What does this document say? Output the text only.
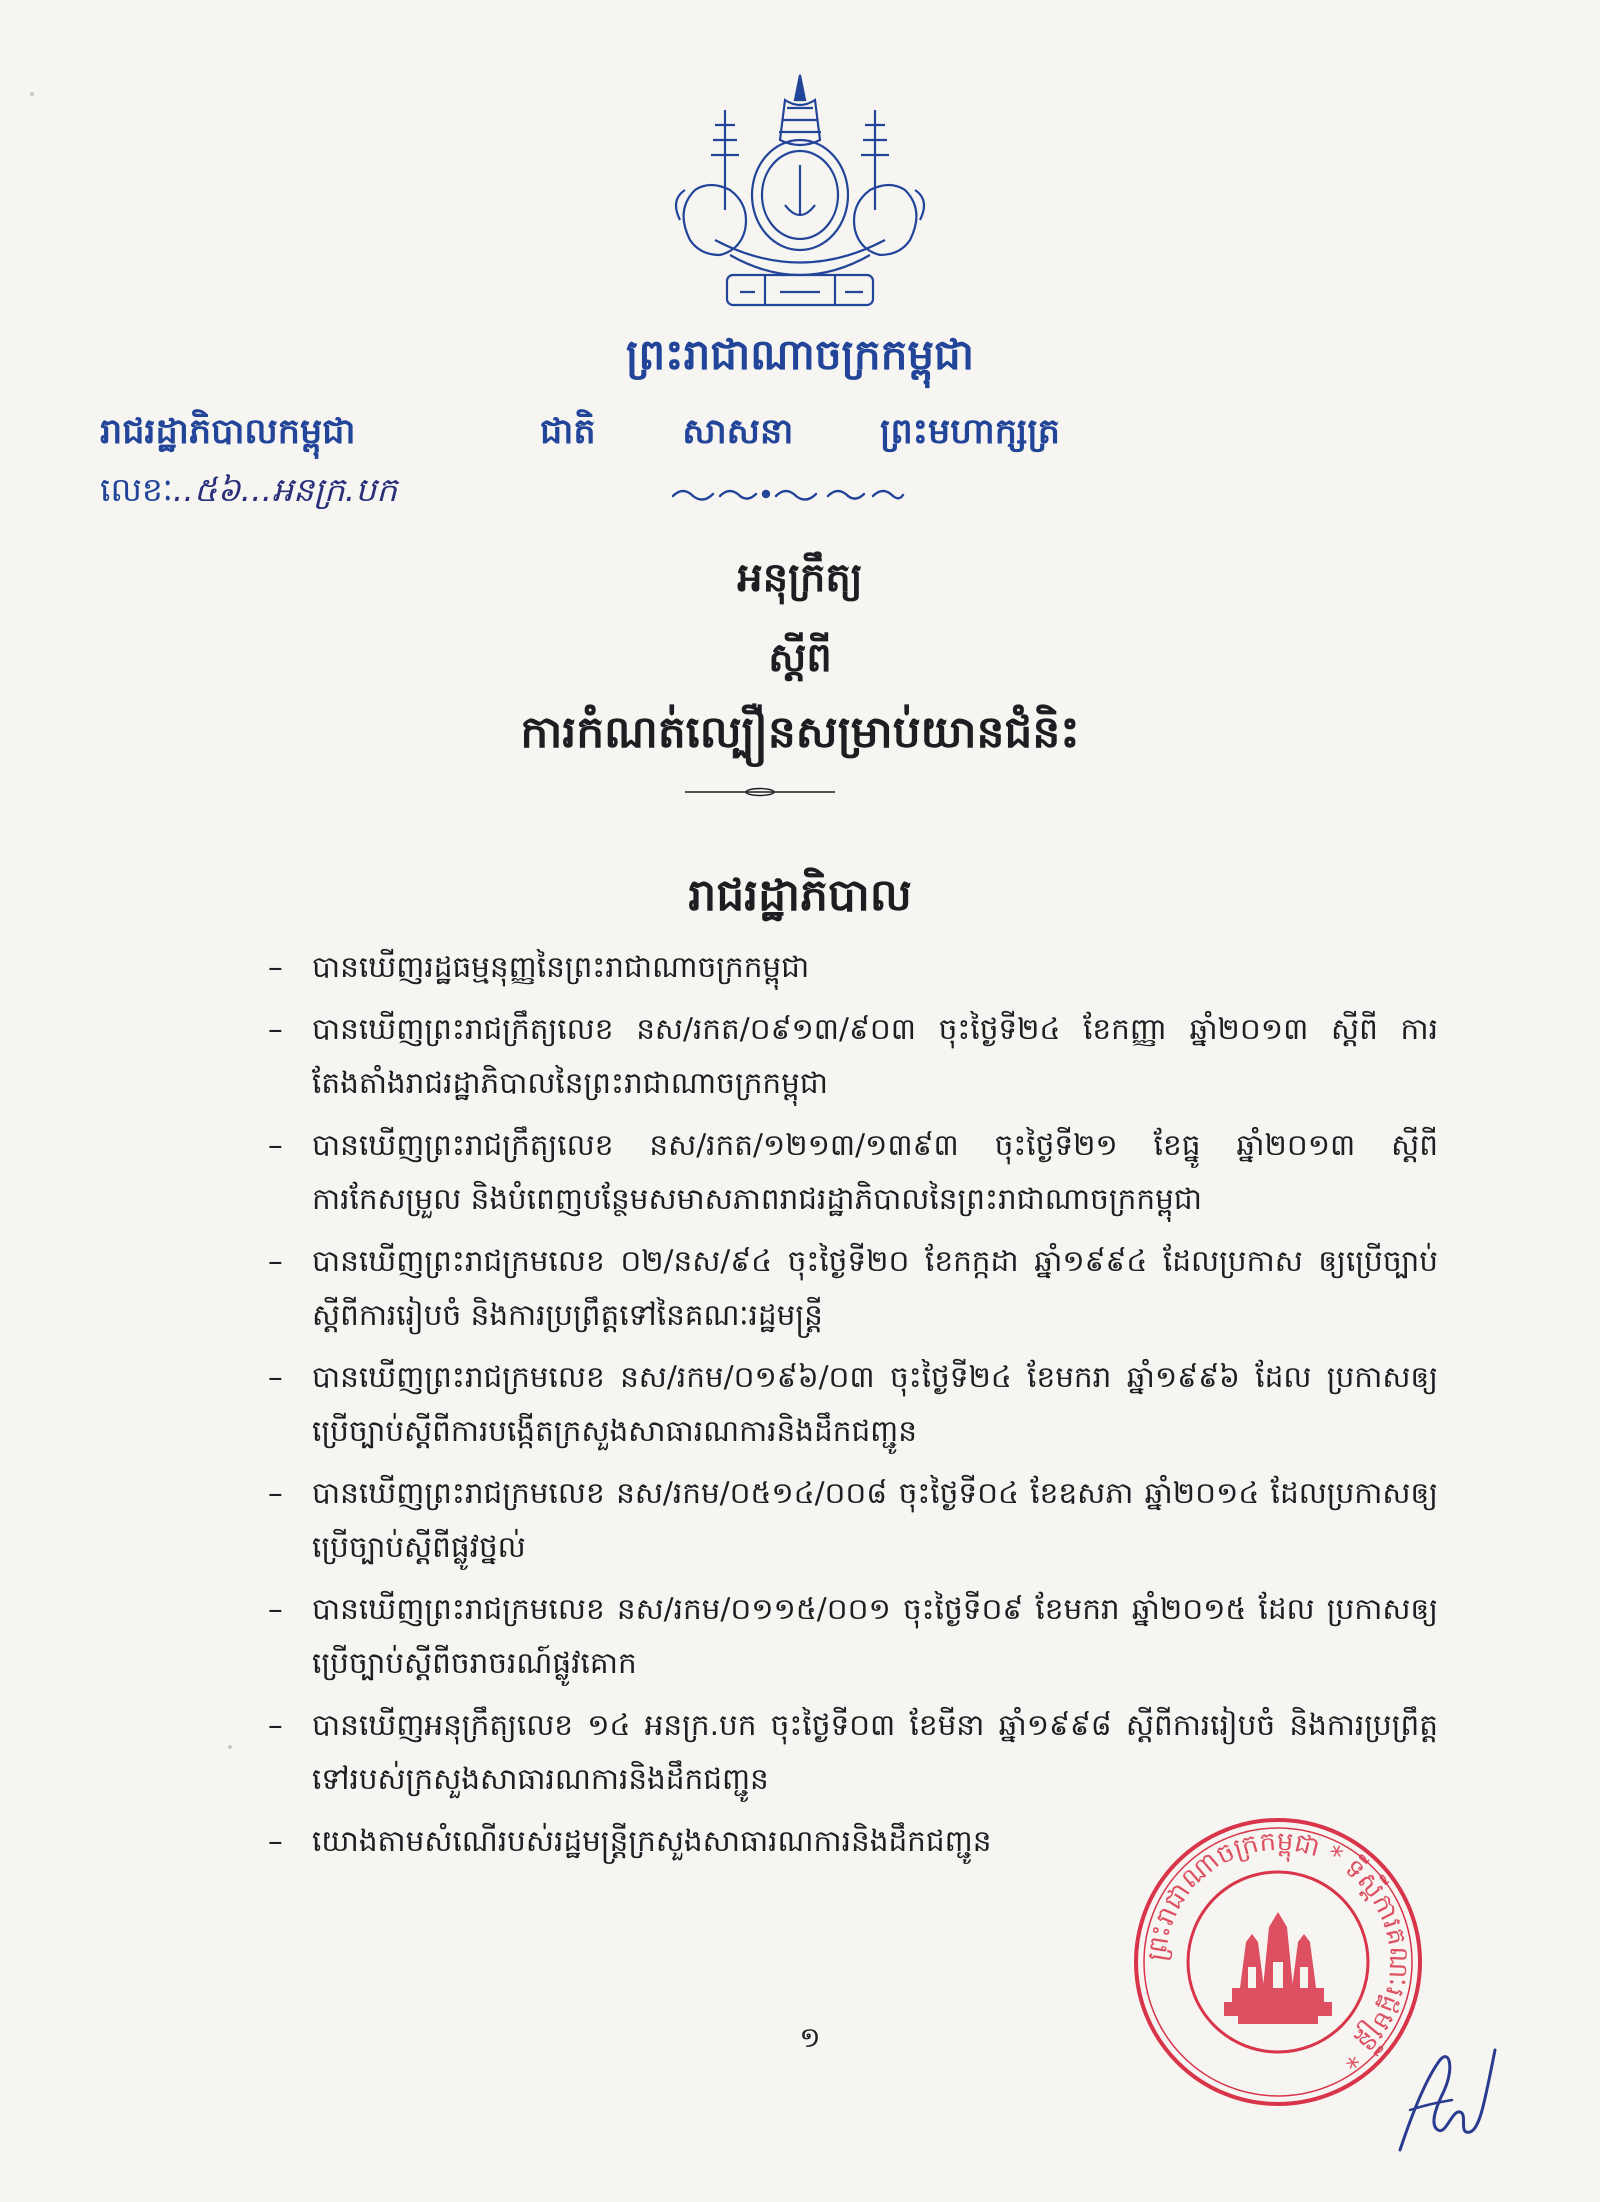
ព្រះរាជាណាចក្រកម្ពុជា
រាជរដ្ឋាភិបាលកម្ពុជា
លេខៈ..៥៦...អនក្រ.បក
ជាតិ សាសនា ព្រះមហាក្សត្រ
អនុក្រឹត្យ
ស្តីពី
ការកំណត់ល្បឿនសម្រាប់យានជំនិះ
រាជរដ្ឋាភិបាល
– បានឃើញរដ្ឋធម្មនុញ្ញនៃព្រះរាជាណាចក្រកម្ពុជា
– បានឃើញព្រះរាជក្រឹត្យលេខ នស/រកត/០៩១៣/៩០៣ ចុះថ្ងៃទី២៤ ខែកញ្ញា ឆ្នាំ២០១៣ ស្តីពី ការតែងតាំងរាជរដ្ឋាភិបាលនៃព្រះរាជាណាចក្រកម្ពុជា
– បានឃើញព្រះរាជក្រឹត្យលេខ នស/រកត/១២១៣/១៣៩៣ ចុះថ្ងៃទី២១ ខែធ្នូ ឆ្នាំ២០១៣ ស្តីពី ការកែសម្រួល និងបំពេញបន្ថែមសមាសភាពរាជរដ្ឋាភិបាលនៃព្រះរាជាណាចក្រកម្ពុជា
– បានឃើញព្រះរាជក្រមលេខ ០២/នស/៩៤ ចុះថ្ងៃទី២០ ខែកក្កដា ឆ្នាំ១៩៩៤ ដែលប្រកាស ឲ្យប្រើច្បាប់ស្តីពីការរៀបចំ និងការប្រព្រឹត្តទៅនៃគណៈរដ្ឋមន្ត្រី
– បានឃើញព្រះរាជក្រមលេខ នស/រកម/០១៩៦/០៣ ចុះថ្ងៃទី២៤ ខែមករា ឆ្នាំ១៩៩៦ ដែល ប្រកាសឲ្យប្រើច្បាប់ស្តីពីការបង្កើតក្រសួងសាធារណការនិងដឹកជញ្ជូន
– បានឃើញព្រះរាជក្រមលេខ នស/រកម/០៥១៤/០០៨ ចុះថ្ងៃទី០៤ ខែឧសភា ឆ្នាំ២០១៤ ដែលប្រកាសឲ្យប្រើច្បាប់ស្តីពីផ្លូវថ្នល់
– បានឃើញព្រះរាជក្រមលេខ នស/រកម/០១១៥/០០១ ចុះថ្ងៃទី០៩ ខែមករា ឆ្នាំ២០១៥ ដែល ប្រកាសឲ្យប្រើច្បាប់ស្តីពីចរាចរណ៍ផ្លូវគោក
– បានឃើញអនុក្រឹត្យលេខ ១៤ អនក្រ.បក ចុះថ្ងៃទី០៣ ខែមីនា ឆ្នាំ១៩៩៨ ស្តីពីការរៀបចំ និងការប្រព្រឹត្តទៅរបស់ក្រសួងសាធារណការនិងដឹកជញ្ជូន
– យោងតាមសំណើរបស់រដ្ឋមន្ត្រីក្រសួងសាធារណការនិងដឹកជញ្ជូន
ព្រះរាជាណាចក្រកម្ពុជា * ទីស្តីការគណៈរដ្ឋមន្ត្រី *
១
